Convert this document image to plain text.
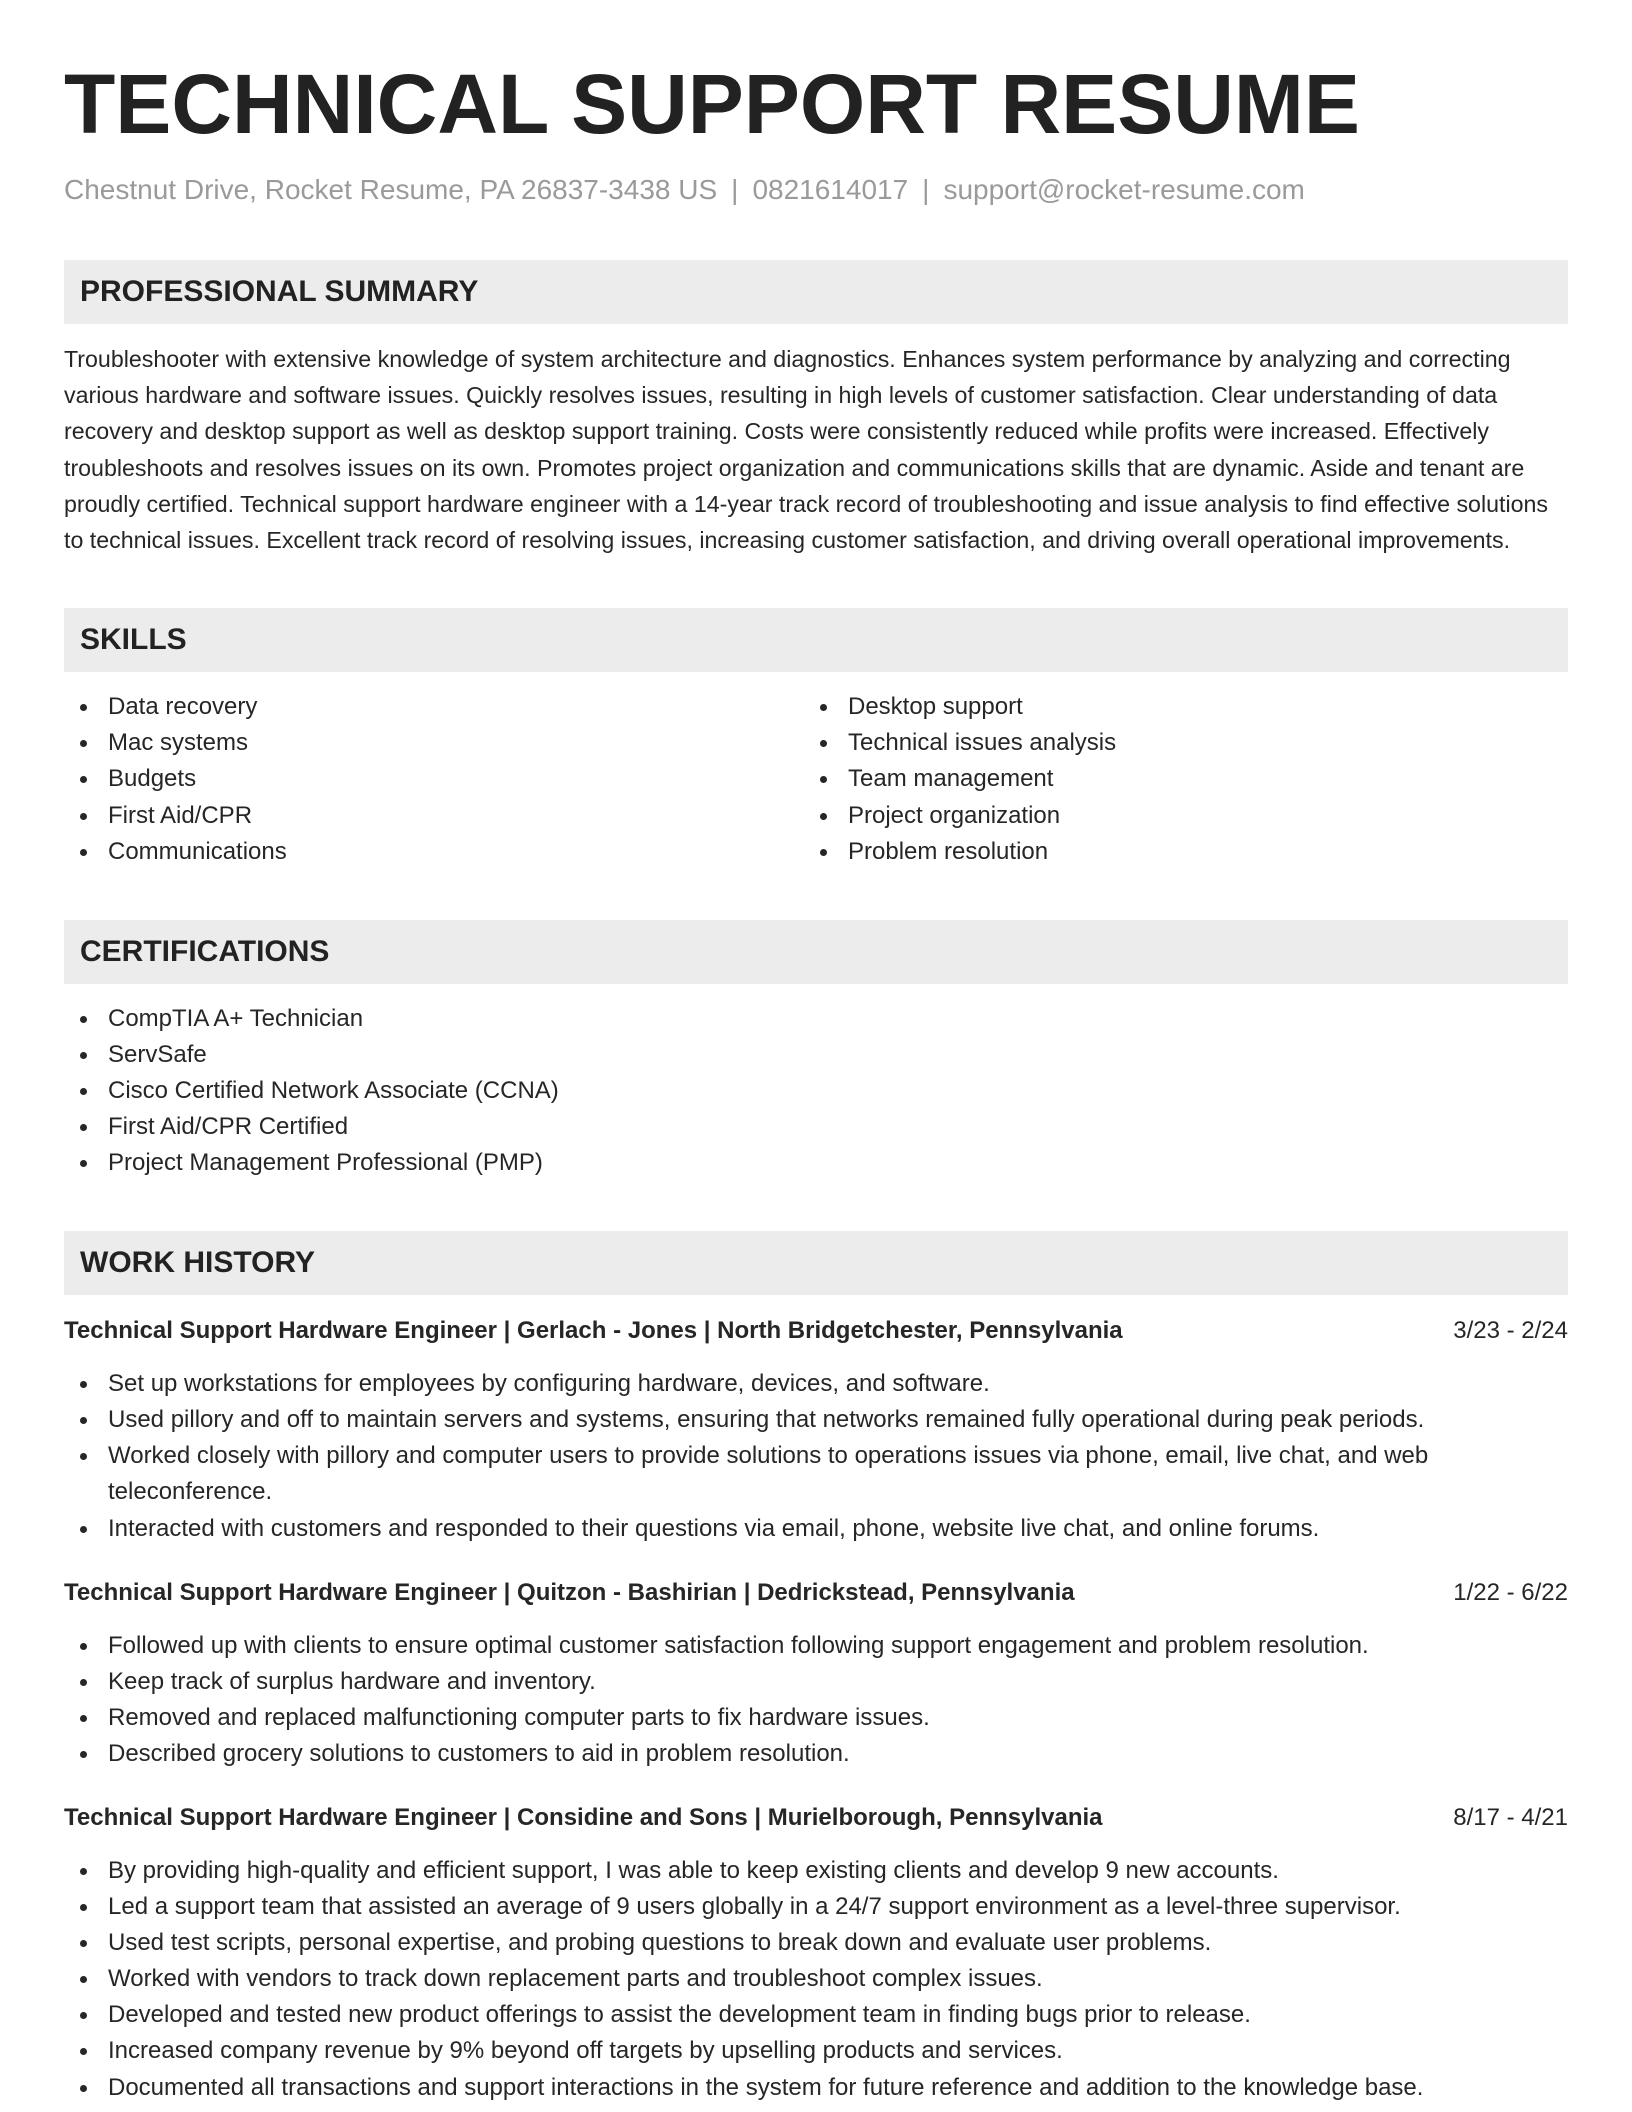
TECHNICAL SUPPORT RESUME
Chestnut Drive, Rocket Resume, PA 26837-3438 US | 0821614017 | support@rocket-resume.com
PROFESSIONAL SUMMARY

Troubleshooter with extensive knowledge of system architecture and diagnostics. Enhances system performance by analyzing and correcting various hardware and software issues. Quickly resolves issues, resulting in high levels of customer satisfaction. Clear understanding of data recovery and desktop support as well as desktop support training. Costs were consistently reduced while profits were increased. Effectively troubleshoots and resolves issues on its own. Promotes project organization and communications skills that are dynamic. Aside and tenant are proudly certified. Technical support hardware engineer with a 14-year track record of troubleshooting and issue analysis to find effective solutions to technical issues. Excellent track record of resolving issues, increasing customer satisfaction, and driving overall operational improvements.

SKILLS
Data recovery
Mac systems
Budgets
First Aid/CPR
Communications
Desktop support
Technical issues analysis
Team management
Project organization
Problem resolution
CERTIFICATIONS
CompTIA A+ Technician
ServSafe
Cisco Certified Network Associate (CCNA)
First Aid/CPR Certified
Project Management Professional (PMP)
WORK HISTORY
Technical Support Hardware Engineer | Gerlach - Jones | North Bridgetchester, Pennsylvania	3/23 - 2/24
Set up workstations for employees by configuring hardware, devices, and software.
Used pillory and off to maintain servers and systems, ensuring that networks remained fully operational during peak periods.
Worked closely with pillory and computer users to provide solutions to operations issues via phone, email, live chat, and web teleconference.
Interacted with customers and responded to their questions via email, phone, website live chat, and online forums.
Technical Support Hardware Engineer | Quitzon - Bashirian | Dedrickstead, Pennsylvania	1/22 - 6/22
Followed up with clients to ensure optimal customer satisfaction following support engagement and problem resolution.
Keep track of surplus hardware and inventory.
Removed and replaced malfunctioning computer parts to fix hardware issues.
Described grocery solutions to customers to aid in problem resolution.
Technical Support Hardware Engineer | Considine and Sons | Murielborough, Pennsylvania	8/17 - 4/21
By providing high-quality and efficient support, I was able to keep existing clients and develop 9 new accounts.
Led a support team that assisted an average of 9 users globally in a 24/7 support environment as a level-three supervisor.
Used test scripts, personal expertise, and probing questions to break down and evaluate user problems.
Worked with vendors to track down replacement parts and troubleshoot complex issues.
Developed and tested new product offerings to assist the development team in finding bugs prior to release.
Increased company revenue by 9% beyond off targets by upselling products and services.
Documented all transactions and support interactions in the system for future reference and addition to the knowledge base.
